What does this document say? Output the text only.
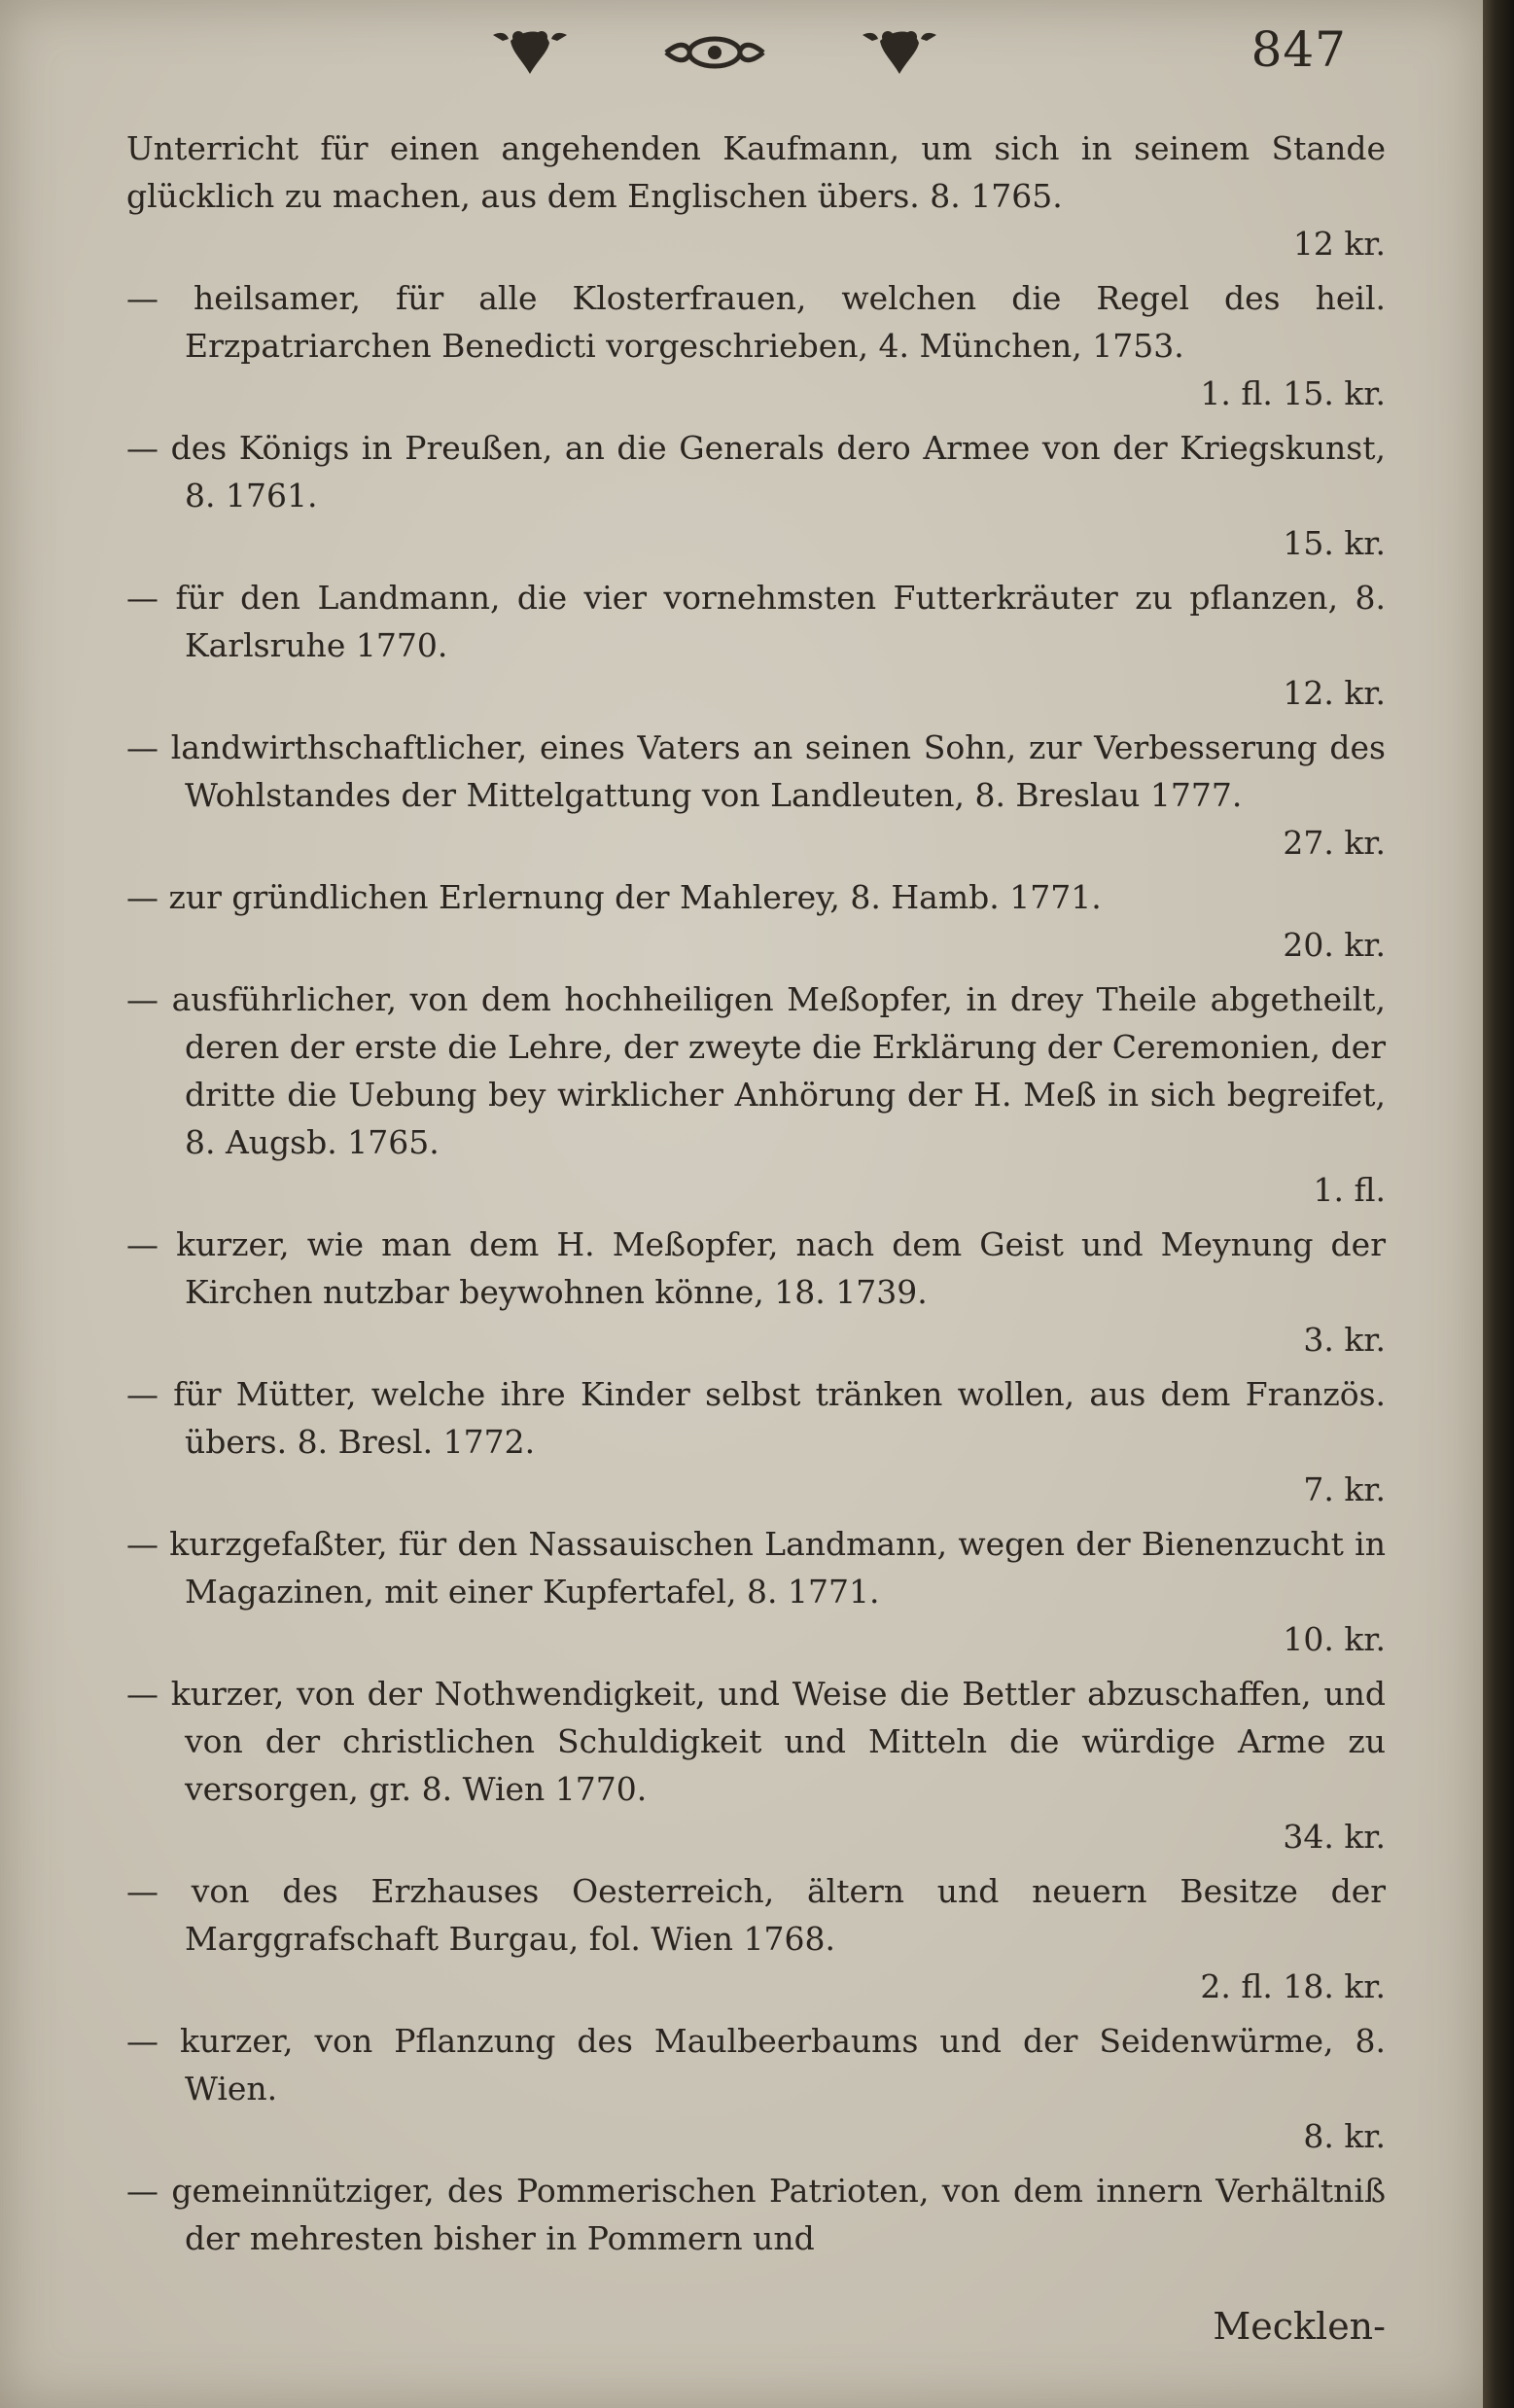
847
Unterricht für einen angehenden Kaufmann, um sich in seinem Stande glücklich zu machen, aus dem Englischen übers. 8. 1765.
12 kr.
— heilsamer, für alle Klosterfrauen, welchen die Regel des heil. Erzpatriarchen Benedicti vorgeschrieben, 4. München, 1753.
1. fl. 15. kr.
— des Königs in Preußen, an die Generals dero Armee von der Kriegskunst, 8. 1761.
15. kr.
— für den Landmann, die vier vornehmsten Futterkräuter zu pflanzen, 8. Karlsruhe 1770.
12. kr.
— landwirthschaftlicher, eines Vaters an seinen Sohn, zur Verbesserung des Wohlstandes der Mittelgattung von Landleuten, 8. Breslau 1777.
27. kr.
— zur gründlichen Erlernung der Mahlerey, 8. Hamb. 1771.
20. kr.
— ausführlicher, von dem hochheiligen Meßopfer, in drey Theile abgetheilt, deren der erste die Lehre, der zweyte die Erklärung der Ceremonien, der dritte die Uebung bey wirklicher Anhörung der H. Meß in sich begreifet, 8. Augsb. 1765.
1. fl.
— kurzer, wie man dem H. Meßopfer, nach dem Geist und Meynung der Kirchen nutzbar beywohnen könne, 18. 1739.
3. kr.
— für Mütter, welche ihre Kinder selbst tränken wollen, aus dem Französ. übers. 8. Bresl. 1772.
7. kr.
— kurzgefaßter, für den Nassauischen Landmann, wegen der Bienenzucht in Magazinen, mit einer Kupfertafel, 8. 1771.
10. kr.
— kurzer, von der Nothwendigkeit, und Weise die Bettler abzuschaffen, und von der christlichen Schuldigkeit und Mitteln die würdige Arme zu versorgen, gr. 8. Wien 1770.
34. kr.
— von des Erzhauses Oesterreich, ältern und neuern Besitze der Marggrafschaft Burgau, fol. Wien 1768.
2. fl. 18. kr.
— kurzer, von Pflanzung des Maulbeerbaums und der Seidenwürme, 8. Wien.
8. kr.
— gemeinnütziger, des Pommerischen Patrioten, von dem innern Verhältniß der mehresten bisher in Pommern und
Mecklen-
